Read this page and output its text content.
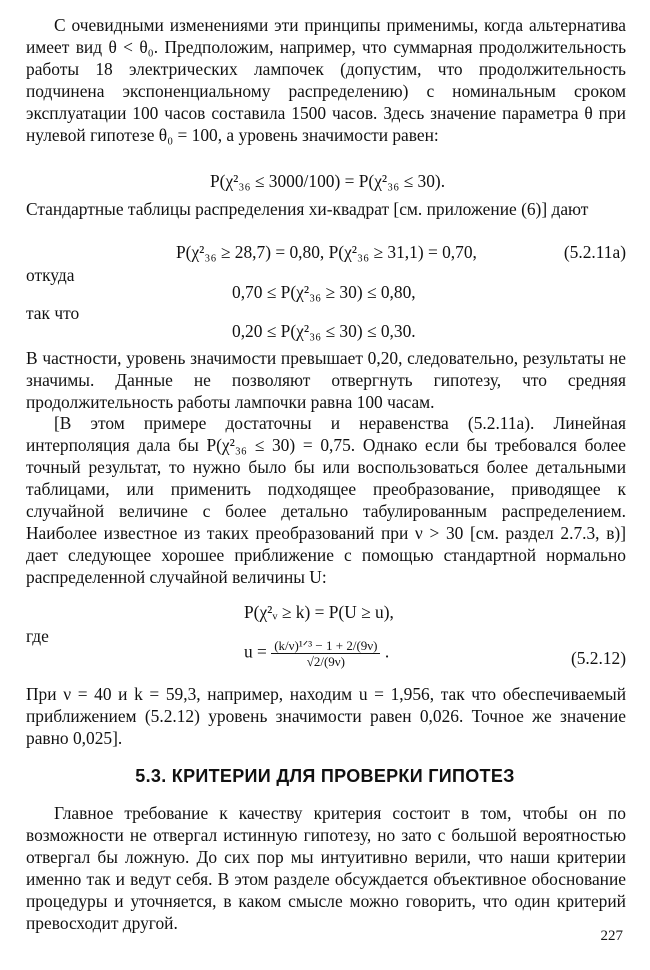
С очевидными изменениями эти принципы применимы, когда альтернатива имеет вид θ < θ₀. Предположим, например, что суммарная продолжительность работы 18 электрических лампочек (допустим, что продолжительность подчинена экспоненциальному распределению) с номинальным сроком эксплуатации 100 часов составила 1500 часов. Здесь значение параметра θ при нулевой гипотезе θ₀ = 100, а уровень значимости равен:

P(χ²₃₆ ≤ 3000/100) = P(χ²₃₆ ≤ 30).

Стандартные таблицы распределения хи-квадрат [см. приложение (6)] дают

P(χ²₃₆ ≥ 28,7) = 0,80, P(χ²₃₆ ≥ 31,1) = 0,70,	(5.2.11a)
откуда
0,70 ≤ P(χ²₃₆ ≥ 30) ≤ 0,80,
так что
0,20 ≤ P(χ²₃₆ ≤ 30) ≤ 0,30.

В частности, уровень значимости превышает 0,20, следовательно, результаты не значимы. Данные не позволяют отвергнуть гипотезу, что средняя продолжительность работы лампочки равна 100 часам.

[В этом примере достаточны и неравенства (5.2.11a). Линейная интерполяция дала бы P(χ²₃₆ ≤ 30) = 0,75. Однако если бы требовался более точный результат, то нужно было бы или воспользоваться более детальными таблицами, или применить подходящее преобразование, приводящее к случайной величине с более детально табулированным распределением. Наиболее известное из таких преобразований при ν > 30 [см. раздел 2.7.3, в)] дает следующее хорошее приближение с помощью стандартной нормально распределенной случайной величины U:

P(χ²ᵥ ≥ k) = P(U ≥ u),
где
$u = \frac{\text{(k/ν)¹ᐟ³ − 1 + 2/(9ν)}}{√2/(9\nu)}$ .	(5.2.12)

При ν = 40 и k = 59,3, например, находим u = 1,956, так что обеспечиваемый приближением (5.2.12) уровень значимости равен 0,026. Точное же значение равно 0,025].

5.3. КРИТЕРИИ ДЛЯ ПРОВЕРКИ ГИПОТЕЗ

Главное требование к качеству критерия состоит в том, чтобы он по возможности не отвергал истинную гипотезу, но зато с большой вероятностью отвергал бы ложную. До сих пор мы интуитивно верили, что наши критерии именно так и ведут себя. В этом разделе обсуждается объективное обоснование процедуры и уточняется, в каком смысле можно говорить, что один критерий превосходит другой.

227
